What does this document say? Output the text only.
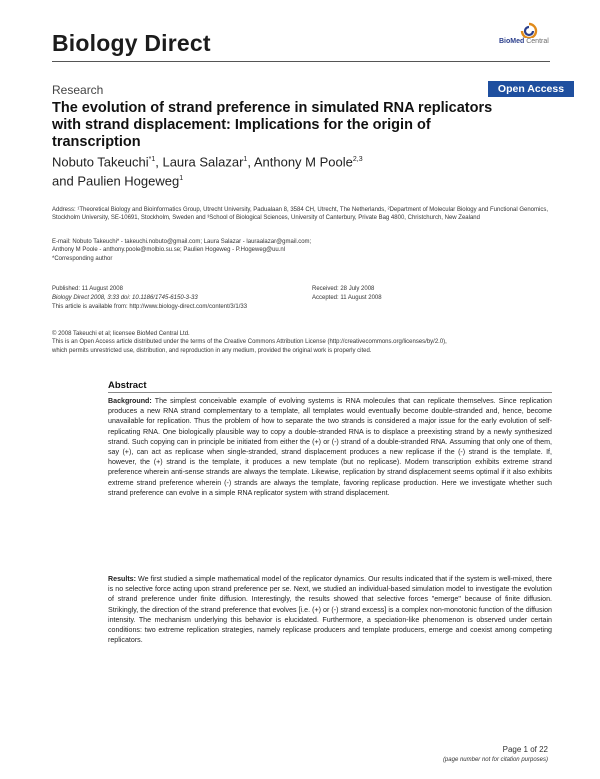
Biology Direct	BioMed Central
Research	Open Access
The evolution of strand preference in simulated RNA replicators with strand displacement: Implications for the origin of transcription
Nobuto Takeuchi$^{*1}$, Laura Salazar$^1$, Anthony M Poole$^{2,3}$
and Paulien Hogeweg$^1$
Address: ¹Theoretical Biology and Bioinformatics Group, Utrecht University, Padualaan 8, 3584 CH, Utrecht, The Netherlands, ²Department of Molecular Biology and Functional Genomics, Stockholm University, SE-10691, Stockholm, Sweden and ³School of Biological Sciences, University of Canterbury, Private Bag 4800, Christchurch, New Zealand
E-mail: Nobuto Takeuchi* - takeuchi.nobuto@gmail.com; Laura Salazar - lauraalazar@gmail.com;
Anthony M Poole - anthony.poole@molbio.su.se; Paulien Hogeweg - P.Hogeweg@uu.nl
*Corresponding author
Published: 11 August 2008
Biology Direct 2008, 3:33 doi: 10.1186/1745-6150-3-33
Received: 28 July 2008
Accepted: 11 August 2008
This article is available from: http://www.biology-direct.com/content/3/1/33
© 2008 Takeuchi et al; licensee BioMed Central Ltd.
This is an Open Access article distributed under the terms of the Creative Commons Attribution License (http://creativecommons.org/licenses/by/2.0),
which permits unrestricted use, distribution, and reproduction in any medium, provided the original work is properly cited.
Abstract
Background: The simplest conceivable example of evolving systems is RNA molecules that can replicate themselves. Since replication produces a new RNA strand complementary to a template, all templates would eventually become double-stranded and, hence, become unavailable for replication. Thus the problem of how to separate the two strands is considered a major issue for the early evolution of self-replicating RNA. One biologically plausible way to copy a double-stranded RNA is to displace a preexisting strand by a newly synthesized strand. Such copying can in principle be initiated from either the (+) or (-) strand of a double-stranded RNA. Assuming that only one of them, say (+), can act as replicase when single-stranded, strand displacement produces a new replicase if the (-) strand is the template. If, however, the (+) strand is the template, it produces a new template (but no replicase). Modern transcription exhibits extreme strand preference wherein anti-sense strands are always the template. Likewise, replication by strand displacement seems optimal if it also exhibits extreme strand preference wherein (-) strands are always the template, favoring replicase production. Here we investigate whether such strand preference can evolve in a simple RNA replicator system with strand displacement.
Results: We first studied a simple mathematical model of the replicator dynamics. Our results indicated that if the system is well-mixed, there is no selective force acting upon strand preference per se. Next, we studied an individual-based simulation model to investigate the evolution of strand preference under finite diffusion. Interestingly, the results showed that selective forces "emerge" because of finite diffusion. Strikingly, the direction of the strand preference that evolves [i.e. (+) or (-) strand excess] is a complex non-monotonic function of the diffusion intensity. The mechanism underlying this behavior is elucidated. Furthermore, a speciation-like phenomenon is observed under certain conditions: two extreme replication strategies, namely replicase producers and template producers, emerge and coexist among competing replicators.
Page 1 of 22
(page number not for citation purposes)
